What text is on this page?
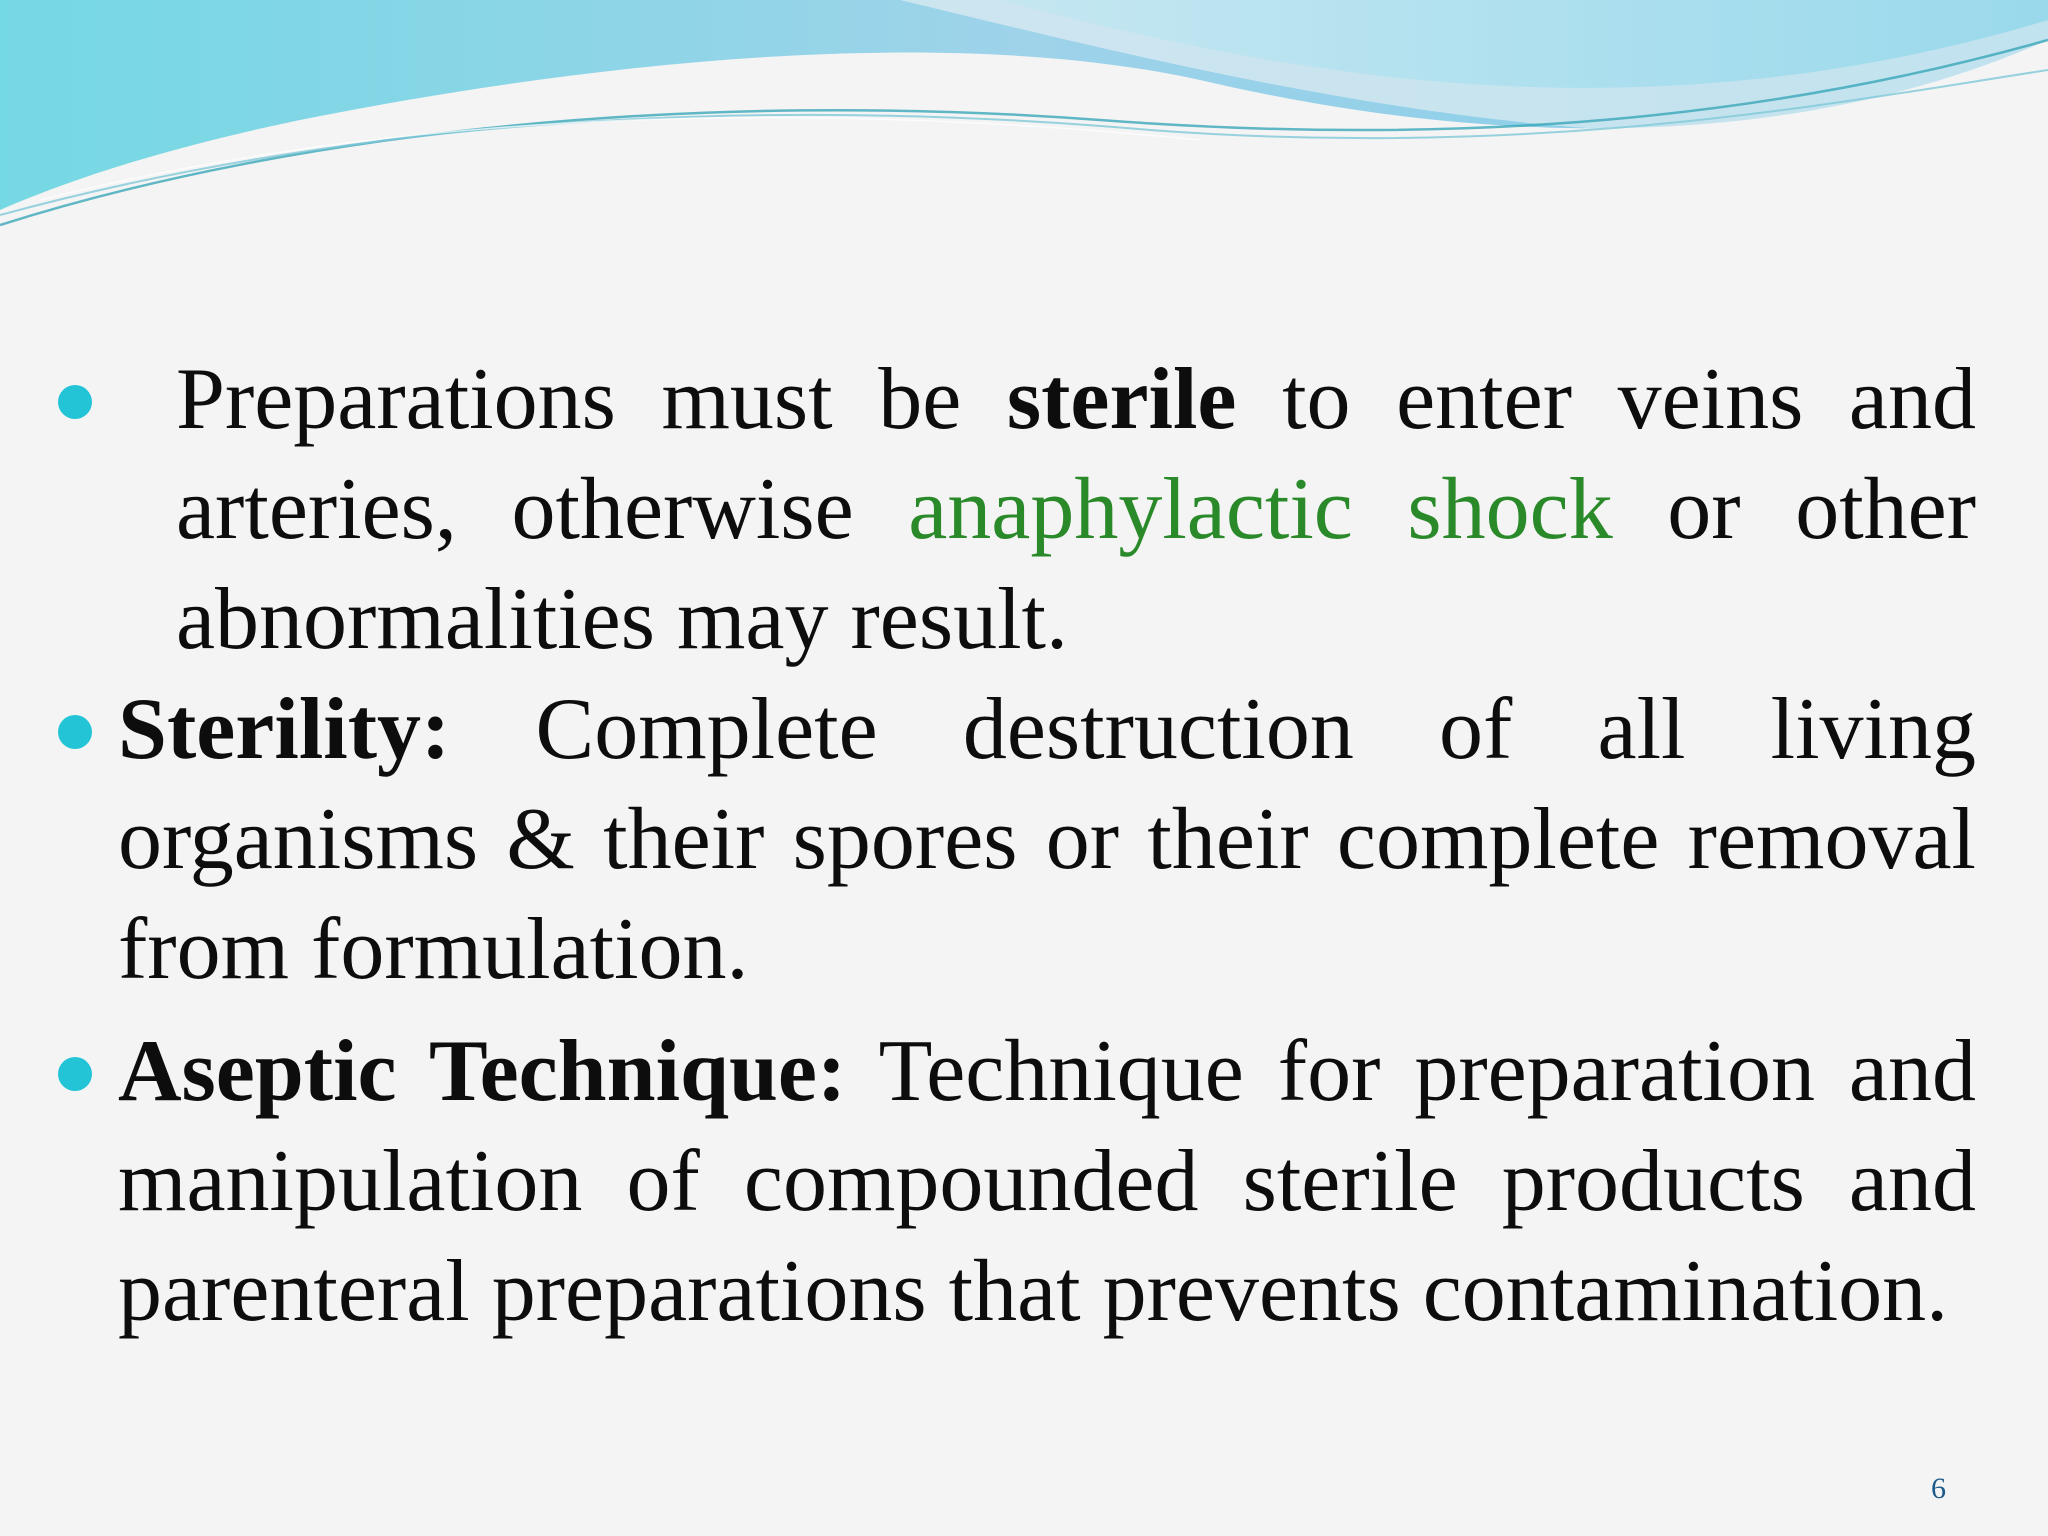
Preparations must be sterile to enter veins and arteries, otherwise anaphylactic shock or other abnormalities may result.
Sterility: Complete destruction of all living organisms & their spores or their complete removal from formulation.
Aseptic Technique: Technique for preparation and manipulation of compounded sterile products and parenteral preparations that prevents contamination.
6
